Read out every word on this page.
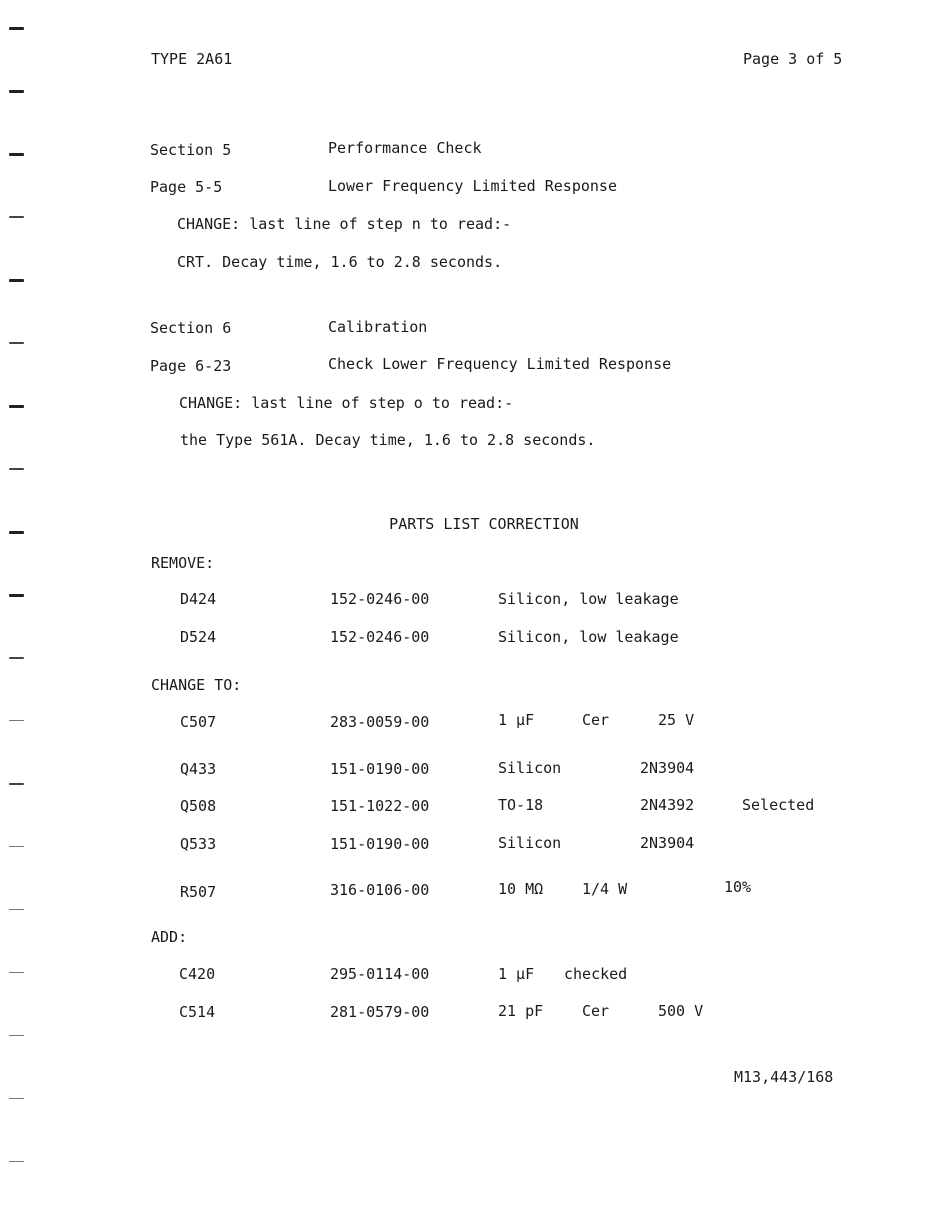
TYPE 2A61	Page 3 of 5
Section 5	Performance Check
Page 5-5	Lower Frequency Limited Response
CHANGE: last line of step n to read:-
CRT. Decay time, 1.6 to 2.8 seconds.
Section 6	Calibration
Page 6-23	Check Lower Frequency Limited Response
CHANGE: last line of step o to read:-
the Type 561A. Decay time, 1.6 to 2.8 seconds.
PARTS LIST CORRECTION
REMOVE:
D424	152-0246-00	Silicon, low leakage
D524	152-0246-00	Silicon, low leakage
CHANGE TO:
C507	283-0059-00	1 µF	Cer	25 V
Q433	151-0190-00	Silicon	2N3904
Q508	151-1022-00	TO-18	2N4392	Selected
Q533	151-0190-00	Silicon	2N3904
R507	316-0106-00	10 MΩ	1/4 W	10%
ADD:
C420	295-0114-00	1 µF checked
C514	281-0579-00	21 pF	Cer	500 V
M13,443/168
